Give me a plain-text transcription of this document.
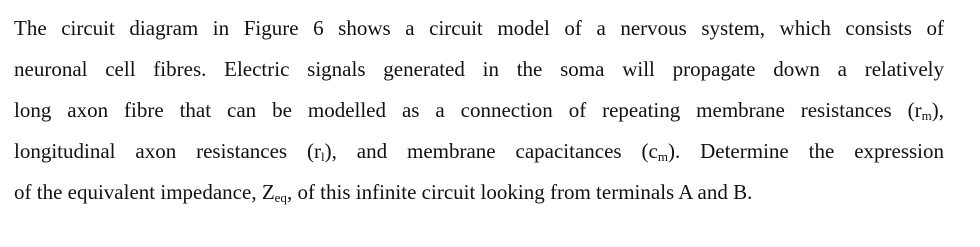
The circuit diagram in Figure 6 shows a circuit model of a nervous system, which consists of
neuronal cell fibres. Electric signals generated in the soma will propagate down a relatively
long axon fibre that can be modelled as a connection of repeating membrane resistances $(r_m)$,
longitudinal axon resistances $(r_l)$, and membrane capacitances $(c_m)$. Determine the expression
of the equivalent impedance, $Z_{eq}$, of this infinite circuit looking from terminals A and B.
